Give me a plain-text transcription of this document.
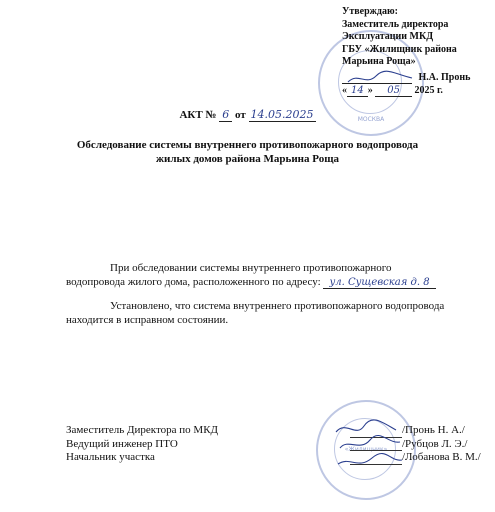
МОСКВА
«Жилищник»
Утверждаю:
Заместитель директора
Эксплуатации МКД
ГБУ «Жилищник района
Марьина Роща»
Н.А. Пронь
« 14 » 05 2025 г.
АКТ № 6 от 14.05.2025
Обследование системы внутреннего противопожарного водопровода
жилых домов района Марьина Роща
При обследовании системы внутреннего противопожарного
водопровода жилого дома, расположенного по адресу: ул. Сущевская д. 8
Установлено, что система внутреннего противопожарного водопровода
находится в исправном состоянии.
Заместитель Директора по МКД
Ведущий инженер ПТО
Начальник участка
/Пронь Н. А./
/Рубцов Л. Э./
/Лобанова В. М./
